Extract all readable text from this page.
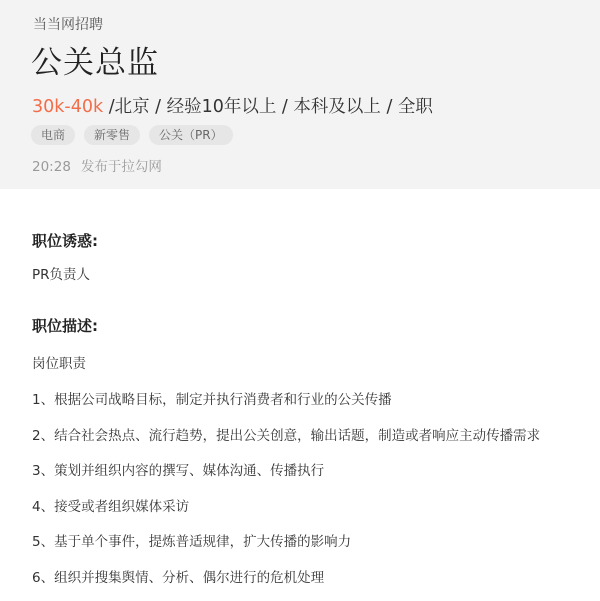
当当网招聘
公关总监
30k-40k /北京 / 经验10年以上 / 本科及以上 / 全职
电商	新零售	公关（PR）
20:28 发布于拉勾网
职位诱惑:
PR负责人
职位描述:
岗位职责
1、根据公司战略目标，制定并执行消费者和行业的公关传播
2、结合社会热点、流行趋势，提出公关创意，输出话题，制造或者响应主动传播需求
3、策划并组织内容的撰写、媒体沟通、传播执行
4、接受或者组织媒体采访
5、基于单个事件，提炼普适规律，扩大传播的影响力
6、组织并搜集舆情、分析、偶尔进行的危机处理
